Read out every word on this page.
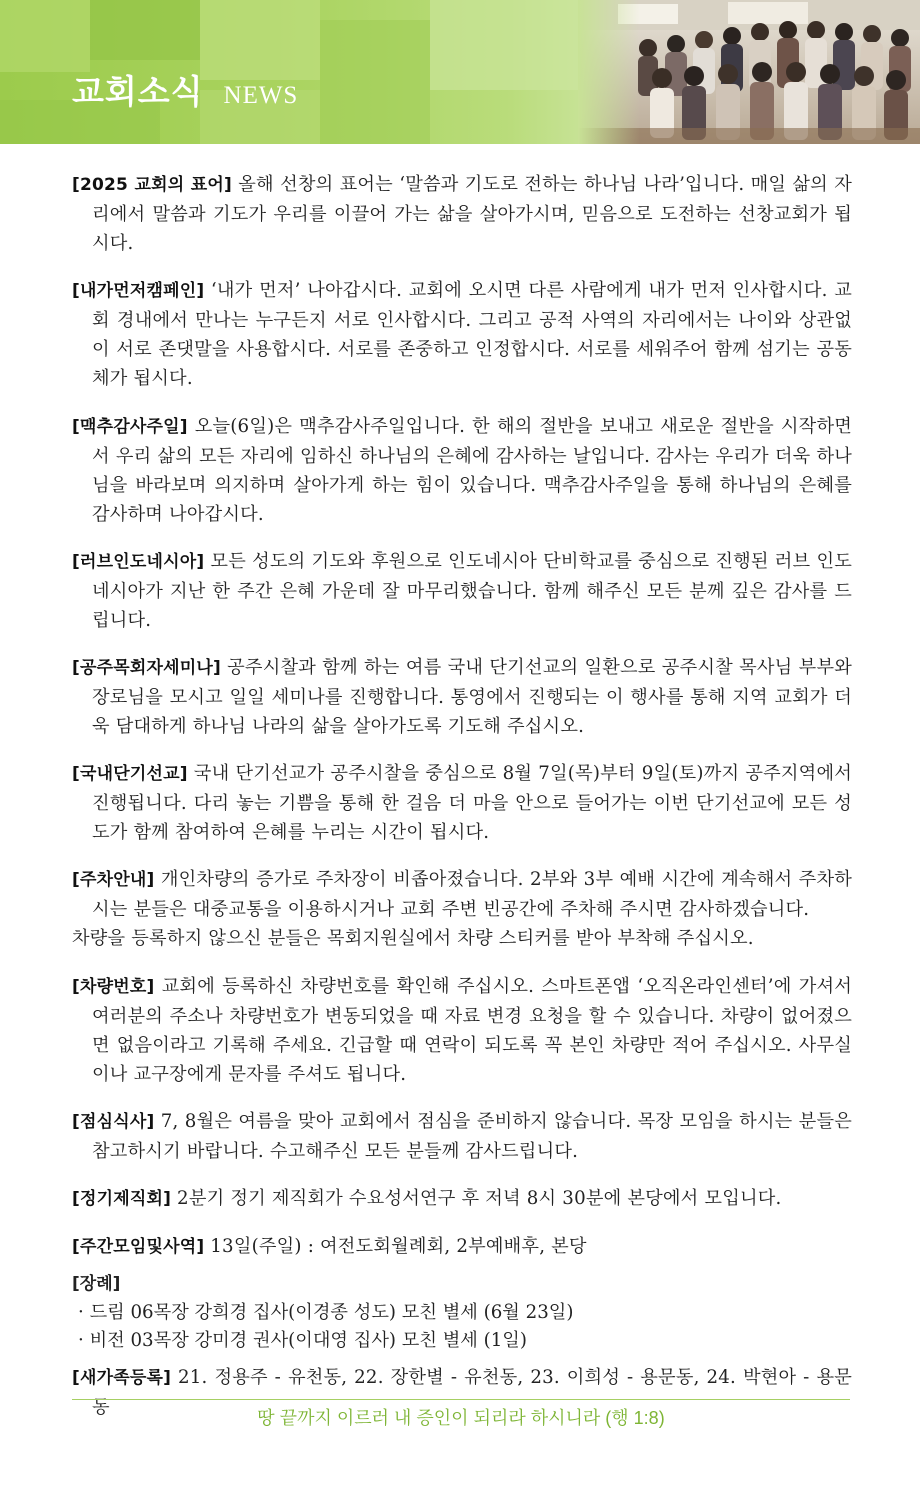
교회소식 NEWS

[2025 교회의 표어] 올해 선창의 표어는 ‘말씀과 기도로 전하는 하나님 나라’입니다. 매일 삶의 자리에서 말씀과 기도가 우리를 이끌어 가는 삶을 살아가시며, 믿음으로 도전하는 선창교회가 됩시다.

[내가먼저캠페인] ‘내가 먼저’ 나아갑시다. 교회에 오시면 다른 사람에게 내가 먼저 인사합시다. 교회 경내에서 만나는 누구든지 서로 인사합시다. 그리고 공적 사역의 자리에서는 나이와 상관없이 서로 존댓말을 사용합시다. 서로를 존중하고 인정합시다. 서로를 세워주어 함께 섬기는 공동체가 됩시다.

[맥추감사주일] 오늘(6일)은 맥추감사주일입니다. 한 해의 절반을 보내고 새로운 절반을 시작하면서 우리 삶의 모든 자리에 임하신 하나님의 은혜에 감사하는 날입니다. 감사는 우리가 더욱 하나님을 바라보며 의지하며 살아가게 하는 힘이 있습니다. 맥추감사주일을 통해 하나님의 은혜를 감사하며 나아갑시다.

[러브인도네시아] 모든 성도의 기도와 후원으로 인도네시아 단비학교를 중심으로 진행된 러브 인도네시아가 지난 한 주간 은혜 가운데 잘 마무리했습니다. 함께 해주신 모든 분께 깊은 감사를 드립니다.

[공주목회자세미나] 공주시찰과 함께 하는 여름 국내 단기선교의 일환으로 공주시찰 목사님 부부와 장로님을 모시고 일일 세미나를 진행합니다. 통영에서 진행되는 이 행사를 통해 지역 교회가 더욱 담대하게 하나님 나라의 삶을 살아가도록 기도해 주십시오.

[국내단기선교] 국내 단기선교가 공주시찰을 중심으로 8월 7일(목)부터 9일(토)까지 공주지역에서 진행됩니다. 다리 놓는 기쁨을 통해 한 걸음 더 마을 안으로 들어가는 이번 단기선교에 모든 성도가 함께 참여하여 은혜를 누리는 시간이 됩시다.

[주차안내] 개인차량의 증가로 주차장이 비좁아졌습니다. 2부와 3부 예배 시간에 계속해서 주차하시는 분들은 대중교통을 이용하시거나 교회 주변 빈공간에 주차해 주시면 감사하겠습니다.
차량을 등록하지 않으신 분들은 목회지원실에서 차량 스티커를 받아 부착해 주십시오.

[차량번호] 교회에 등록하신 차량번호를 확인해 주십시오. 스마트폰앱 ‘오직온라인센터’에 가셔서 여러분의 주소나 차량번호가 변동되었을 때 자료 변경 요청을 할 수 있습니다. 차량이 없어졌으면 없음이라고 기록해 주세요. 긴급할 때 연락이 되도록 꼭 본인 차량만 적어 주십시오. 사무실이나 교구장에게 문자를 주셔도 됩니다.

[점심식사] 7, 8월은 여름을 맞아 교회에서 점심을 준비하지 않습니다. 목장 모임을 하시는 분들은 참고하시기 바랍니다. 수고해주신 모든 분들께 감사드립니다.

[정기제직회] 2분기 정기 제직회가 수요성서연구 후 저녁 8시 30분에 본당에서 모입니다.

[주간모임및사역] 13일(주일) : 여전도회월례회, 2부예배후, 본당

[장례]
· 드림 06목장 강희경 집사(이경종 성도) 모친 별세 (6월 23일)
· 비전 03목장 강미경 권사(이대영 집사) 모친 별세 (1일)

[새가족등록] 21. 정용주 - 유천동, 22. 장한별 - 유천동, 23. 이희성 - 용문동, 24. 박현아 - 용문동	땅 끝까지 이르러 내 증인이 되리라 하시니라 (행 1:8)
